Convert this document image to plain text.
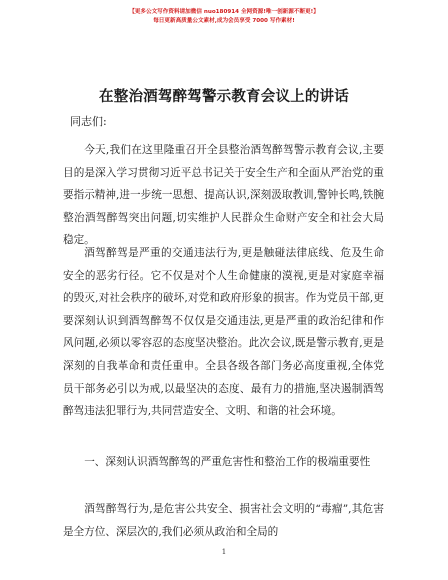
【更多公文写作资料请加微信 nuo180914 全网资源!唯一创新源不断更!】
每日更新高质量公文素材,成为会员享受 7000 写作素材!
在整治酒驾醉驾警示教育会议上的讲话
同志们:

今天,我们在这里隆重召开全县整治酒驾醉驾警示教育会议,主要目的是深入学习贯彻习近平总书记关于安全生产和全面从严治党的重要指示精神,进一步统一思想、提高认识,深刻汲取教训,警钟长鸣,铁腕整治酒驾醉驾突出问题,切实维护人民群众生命财产安全和社会大局稳定。

酒驾醉驾是严重的交通违法行为,更是触碰法律底线、危及生命安全的恶劣行径。它不仅是对个人生命健康的漠视,更是对家庭幸福的毁灭,对社会秩序的破坏,对党和政府形象的损害。作为党员干部,更要深刻认识到酒驾醉驾不仅仅是交通违法,更是严重的政治纪律和作风问题,必须以零容忍的态度坚决整治。此次会议,既是警示教育,更是深刻的自我革命和责任重申。全县各级各部门务必高度重视,全体党员干部务必引以为戒,以最坚决的态度、最有力的措施,坚决遏制酒驾醉驾违法犯罪行为,共同营造安全、文明、和谐的社会环境。

一、深刻认识酒驾醉驾的严重危害性和整治工作的极端重要性

酒驾醉驾行为,是危害公共安全、损害社会文明的“毒瘤”,其危害是全方位、深层次的,我们必须从政治和全局的

1
